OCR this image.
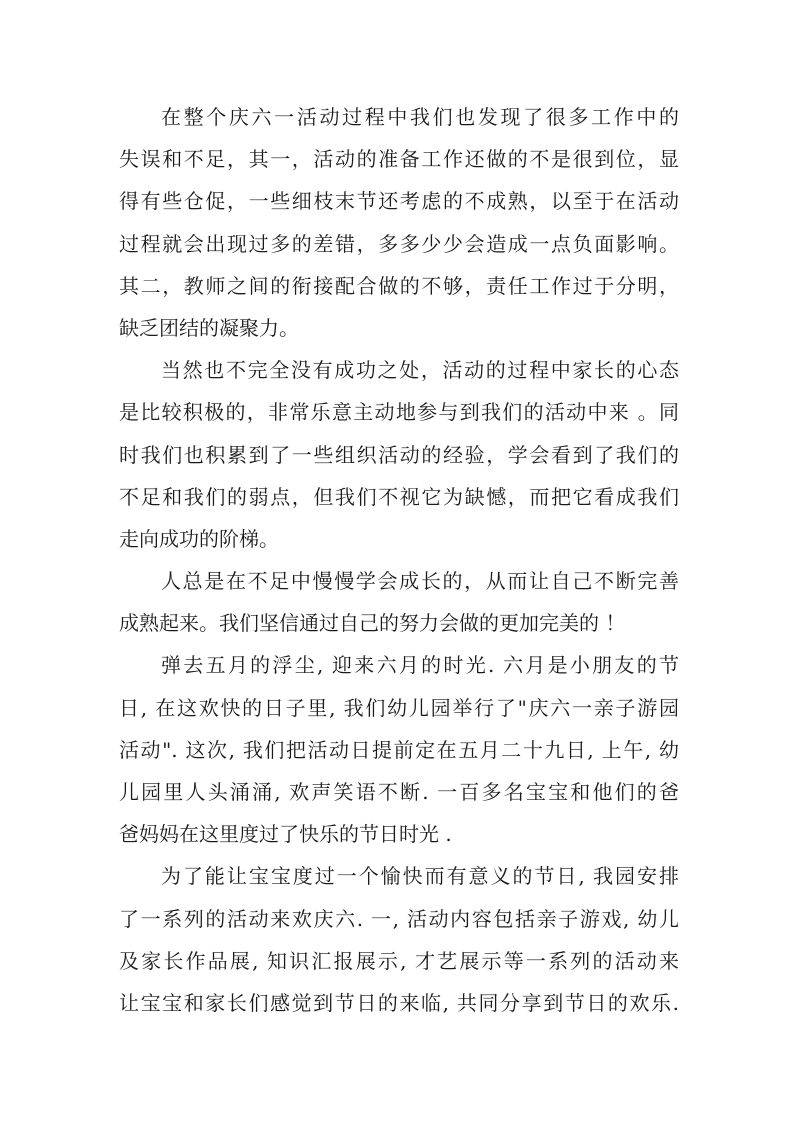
在整个庆六一活动过程中我们也发现了很多工作中的
失误和不足，其一，活动的准备工作还做的不是很到位，显
得有些仓促，一些细枝末节还考虑的不成熟，以至于在活动
过程就会出现过多的差错，多多少少会造成一点负面影响。
其二，教师之间的衔接配合做的不够，责任工作过于分明，
缺乏团结的凝聚力。
当然也不完全没有成功之处，活动的过程中家长的心态
是比较积极的，非常乐意主动地参与到我们的活动中来 。同
时我们也积累到了一些组织活动的经验，学会看到了我们的
不足和我们的弱点，但我们不视它为缺憾，而把它看成我们
走向成功的阶梯。
人总是在不足中慢慢学会成长的，从而让自己不断完善
成熟起来。我们坚信通过自己的努力会做的更加完美的 ！
弹去五月的浮尘, 迎来六月的时光. 六月是小朋友的节
日, 在这欢快的日子里, 我们幼儿园举行了"庆六一亲子游园
活动". 这次, 我们把活动日提前定在五月二十九日, 上午, 幼
儿园里人头涌涌, 欢声笑语不断. 一百多名宝宝和他们的爸
爸妈妈在这里度过了快乐的节日时光 .
为了能让宝宝度过一个愉快而有意义的节日, 我园安排
了一系列的活动来欢庆六. 一, 活动内容包括亲子游戏, 幼儿
及家长作品展, 知识汇报展示, 才艺展示等一系列的活动来
让宝宝和家长们感觉到节日的来临, 共同分享到节日的欢乐.
